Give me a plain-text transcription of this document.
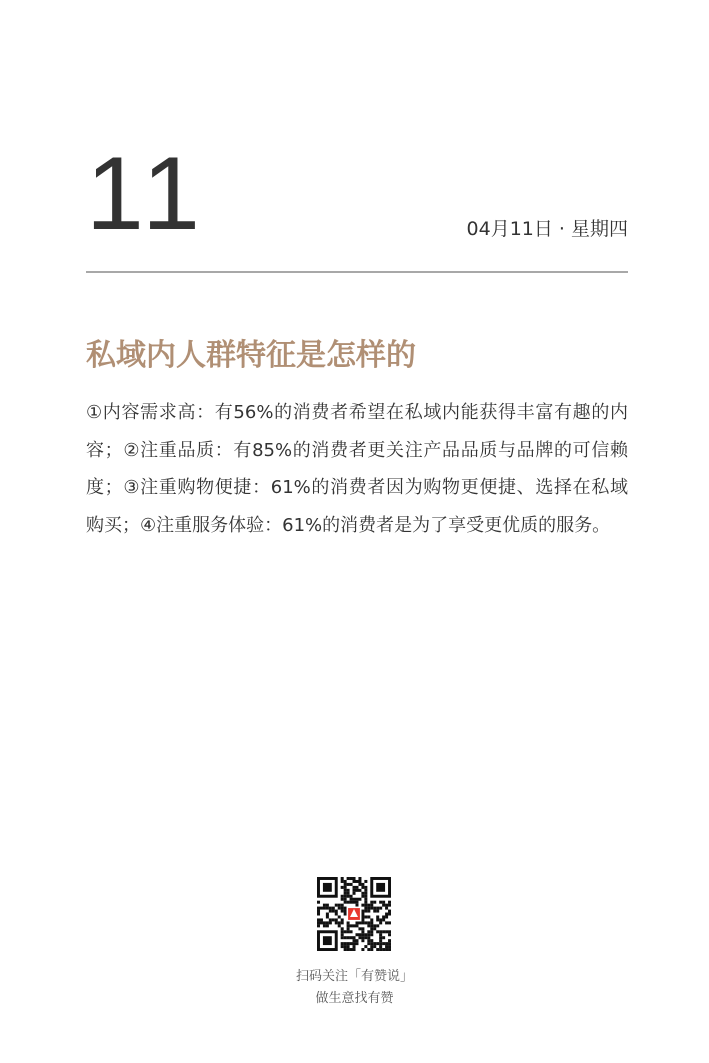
11	04月11日 · 星期四
私域内人群特征是怎样的

①内容需求高：有56%的消费者希望在私域内能获得丰富有趣的内容；②注重品质：有85%的消费者更关注产品品质与品牌的可信赖度；③注重购物便捷：61%的消费者因为购物更便捷、选择在私域购买；④注重服务体验：61%的消费者是为了享受更优质的服务。

扫码关注「有赞说」
做生意找有赞
